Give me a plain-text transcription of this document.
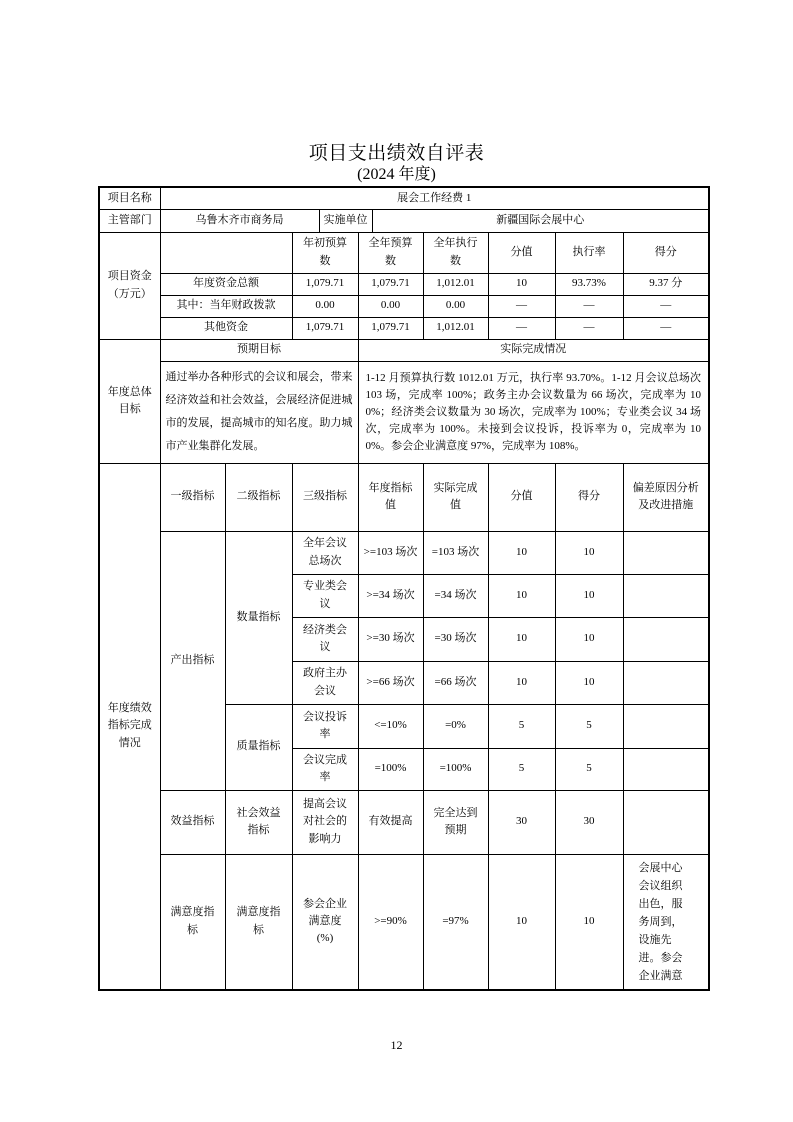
项目支出绩效自评表
(2024 年度)
项目名称	展会工作经费 1									
主管部门	乌鲁木齐市商务局			实施单位		新疆国际会展中心				
项目资金（万元）			年初预算数		全年预算数		全年执行数	分值	执行率	得分
	年度资金总额		1,079.71		1,079.71		1,012.01	10	93.73%	9.37 分
	其中：当年财政拨款		0.00		0.00		0.00	—	—	—
	其他资金		1,079.71		1,079.71		1,012.01	—	—	—
年度总体目标	预期目标				实际完成情况					
	通过举办各种形式的会议和展会，带来经济效益和社会效益，会展经济促进城市的发展，提高城市的知名度。助力城市产业集群化发展。				1-12 月预算执行数 1012.01 万元，执行率 93.70%。1-12 月会议总场次 103 场，完成率 100%；政务主办会议数量为 66 场次，完成率为 100%；经济类会议数量为 30 场次，完成率为 100%；专业类会议 34 场次，完成率为 100%。未接到会议投诉，投诉率为 0，完成率为 100%。参会企业满意度 97%，完成率为 108%。					
年度绩效指标完成情况	一级指标	二级指标	三级指标		年度指标值		实际完成值	分值	得分	偏差原因分析及改进措施
	产出指标	数量指标	全年会议总场次		>=103 场次		=103 场次	10	10	
			专业类会议		>=34 场次		=34 场次	10	10	
			经济类会议		>=30 场次		=30 场次	10	10	
			政府主办会议		>=66 场次		=66 场次	10	10	
		质量指标	会议投诉率		<=10%		=0%	5	5	
			会议完成率		=100%		=100%	5	5	
	效益指标	社会效益指标	提高会议对社会的影响力		有效提高		完全达到预期	30	30	
	满意度指标	满意度指标	参会企业满意度(%)		>=90%		=97%	10	10	会展中心会议组织出色，服务周到，设施先进。参会企业满意
12
